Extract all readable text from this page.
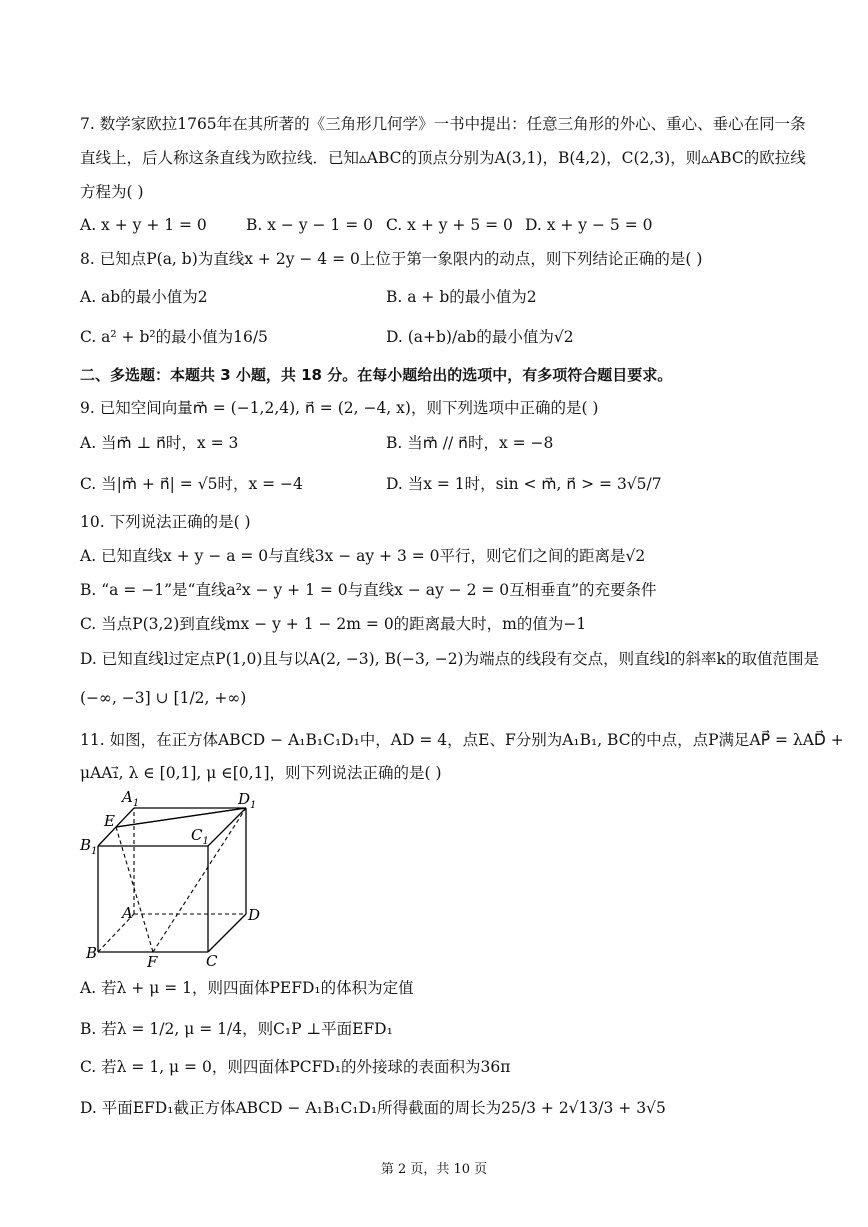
7. 数学家欧拉1765年在其所著的《三角形几何学》一书中提出：任意三角形的外心、重心、垂心在同一条
直线上，后人称这条直线为欧拉线．已知▵ABC的顶点分别为A(3,1)，B(4,2)，C(2,3)，则▵ABC的欧拉线
方程为( )
A. x + y + 1 = 0	B. x − y − 1 = 0 C. x + y + 5 = 0 D. x + y − 5 = 0
8. 已知点P(a, b)为直线x + 2y − 4 = 0上位于第一象限内的动点，则下列结论正确的是( )
A. ab的最小值为2	B. a + b的最小值为2
C. a² + b²的最小值为16/5	D. (a+b)/ab的最小值为√2
二、多选题：本题共 3 小题，共 18 分。在每小题给出的选项中，有多项符合题目要求。
9. 已知空间向量m⃗ = (−1,2,4), n⃗ = (2, −4, x)，则下列选项中正确的是( )
A. 当m⃗ ⊥ n⃗时，x = 3	B. 当m⃗ // n⃗时，x = −8
C. 当|m⃗ + n⃗| = √5时，x = −4	D. 当x = 1时，sin < m⃗, n⃗ > = 3√5/7
10. 下列说法正确的是( )
A. 已知直线x + y − a = 0与直线3x − ay + 3 = 0平行，则它们之间的距离是√2
B. “a = −1”是“直线a²x − y + 1 = 0与直线x − ay − 2 = 0互相垂直”的充要条件
C. 当点P(3,2)到直线mx − y + 1 − 2m = 0的距离最大时，m的值为−1
D. 已知直线l过定点P(1,0)且与以A(2, −3), B(−3, −2)为端点的线段有交点，则直线l的斜率k的取值范围是
(−∞, −3] ∪ [1/2, +∞)
11. 如图，在正方体ABCD − A₁B₁C₁D₁中，AD = 4，点E、F分别为A₁B₁, BC的中点，点P满足AP⃗ = λAD⃗ +
μAA₁⃗, λ ∈ [0,1], μ ∈[0,1]，则下列说法正确的是( )
$A_1$	$D_1$
E
$C_1$
$B_1$
A	D
B	F	C
A. 若λ + μ = 1，则四面体PEFD₁的体积为定值
B. 若λ = 1/2, μ = 1/4，则C₁P ⊥平面EFD₁
C. 若λ = 1, μ = 0，则四面体PCFD₁的外接球的表面积为36π
D. 平面EFD₁截正方体ABCD − A₁B₁C₁D₁所得截面的周长为25/3 + 2√13/3 + 3√5
第 2 页，共 10 页
